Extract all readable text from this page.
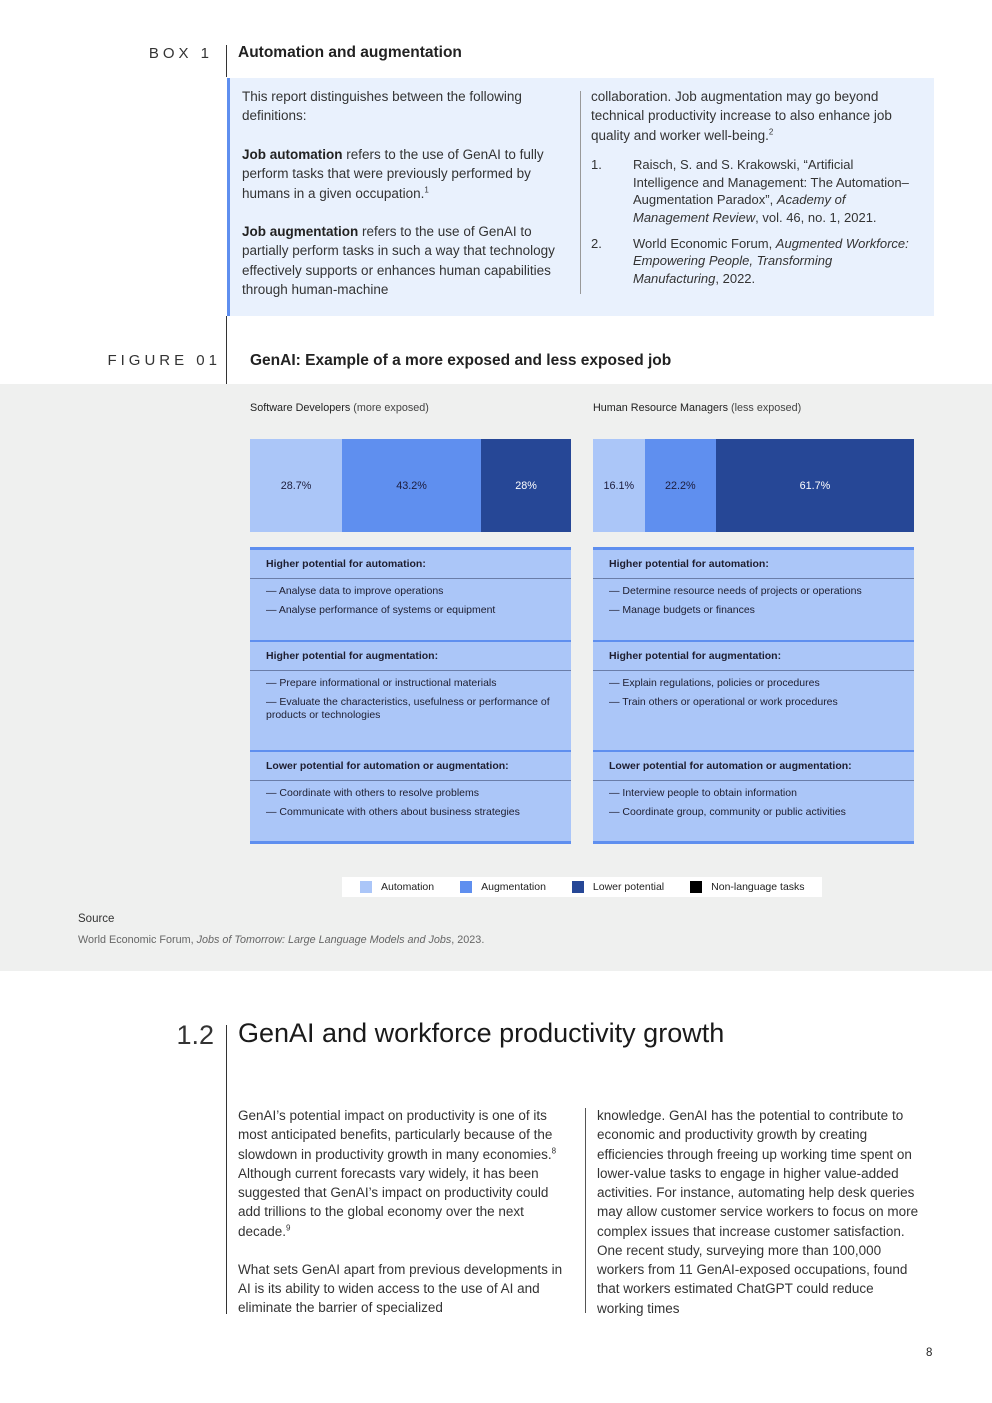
BOX 1 Automation and augmentation

This report distinguishes between the following definitions:

Job automation refers to the use of GenAI to fully perform tasks that were previously performed by humans in a given occupation.$^1$

Job augmentation refers to the use of GenAI to partially perform tasks in such a way that technology effectively supports or enhances human capabilities through human-machine

collaboration. Job augmentation may go beyond technical productivity increase to also enhance job quality and worker well-being.$^2$

1.	Raisch, S. and S. Krakowski, “Artificial Intelligence and Management: The Automation–Augmentation Paradox”, Academy of Management Review, vol. 46, no. 1, 2021.
2.	World Economic Forum, Augmented Workforce: Empowering People, Transforming Manufacturing, 2022.
FIGURE 01 GenAI: Example of a more exposed and less exposed job
Software Developers (more exposed)
28.7%	43.2%	28%
Higher potential for automation:
— Analyse data to improve operations
— Analyse performance of systems or equipment
Higher potential for augmentation:
— Prepare informational or instructional materials
— Evaluate the characteristics, usefulness or performance of products or technologies
Lower potential for automation or augmentation:
— Coordinate with others to resolve problems
— Communicate with others about business strategies
Human Resource Managers (less exposed)
16.1%	22.2%	61.7%
Higher potential for automation:
— Determine resource needs of projects or operations
— Manage budgets or finances
Higher potential for augmentation:
— Explain regulations, policies or procedures
— Train others or operational or work procedures
Lower potential for automation or augmentation:
— Interview people to obtain information
— Coordinate group, community or public activities
Automation	Augmentation	Lower potential	Non-language tasks
Source
World Economic Forum, Jobs of Tomorrow: Large Language Models and Jobs, 2023.
1.2 GenAI and workforce productivity growth

GenAI’s potential impact on productivity is one of its most anticipated benefits, particularly because of the slowdown in productivity growth in many economies.$^8$ Although current forecasts vary widely, it has been suggested that GenAI’s impact on productivity could add trillions to the global economy over the next decade.$^9$

What sets GenAI apart from previous developments in AI is its ability to widen access to the use of AI and eliminate the barrier of specialized

knowledge. GenAI has the potential to contribute to economic and productivity growth by creating efficiencies through freeing up working time spent on lower-value tasks to engage in higher value-added activities. For instance, automating help desk queries may allow customer service workers to focus on more complex issues that increase customer satisfaction. One recent study, surveying more than 100,000 workers from 11 GenAI-exposed occupations, found that workers estimated ChatGPT could reduce working times

8
